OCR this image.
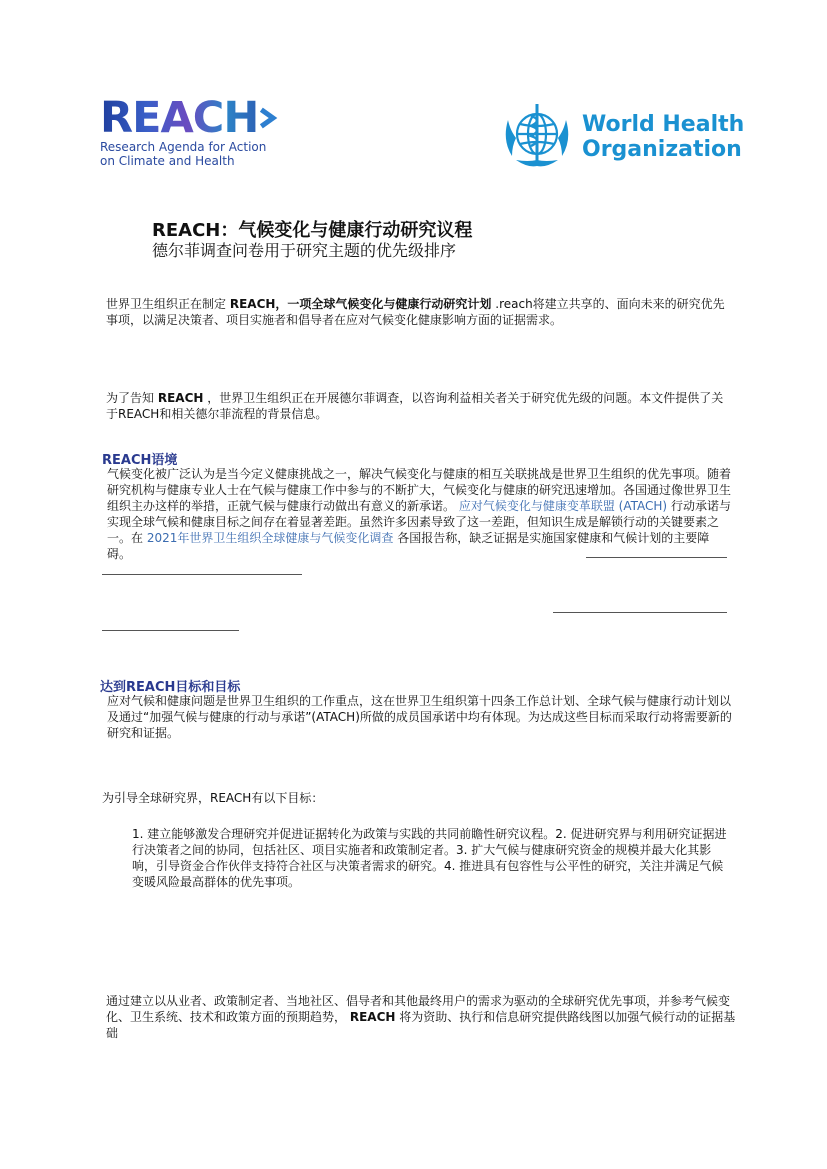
REACH
Research Agenda for Action
on Climate and Health
World Health
Organization
REACH：气候变化与健康行动研究议程
德尔菲调查问卷用于研究主题的优先级排序
世界卫生组织正在制定 REACH，一项全球气候变化与健康行动研究计划 .reach将建立共享的、面向未来的研究优先事项，以满足决策者、项目实施者和倡导者在应对气候变化健康影响方面的证据需求。
为了告知 REACH ，世界卫生组织正在开展德尔菲调查，以咨询利益相关者关于研究优先级的问题。本文件提供了关于REACH和相关德尔菲流程的背景信息。
REACH语境
气候变化被广泛认为是当今定义健康挑战之一，解决气候变化与健康的相互关联挑战是世界卫生组织的优先事项。随着研究机构与健康专业人士在气候与健康工作中参与的不断扩大，气候变化与健康的研究迅速增加。各国通过像世界卫生组织主办这样的举措，正就气候与健康行动做出有意义的新承诺。 应对气候变化与健康变革联盟 (ATACH) 行动承诺与实现全球气候和健康目标之间存在着显著差距。虽然许多因素导致了这一差距，但知识生成是解锁行动的关键要素之一。在 2021年世界卫生组织全球健康与气候变化调查 各国报告称，缺乏证据是实施国家健康和气候计划的主要障碍。
达到REACH目标和目标
应对气候和健康问题是世界卫生组织的工作重点，这在世界卫生组织第十四条工作总计划、全球气候与健康行动计划以及通过“加强气候与健康的行动与承诺”(ATACH)所做的成员国承诺中均有体现。为达成这些目标而采取行动将需要新的研究和证据。
为引导全球研究界，REACH有以下目标：
1. 建立能够激发合理研究并促进证据转化为政策与实践的共同前瞻性研究议程。2. 促进研究界与利用研究证据进行决策者之间的协同，包括社区、项目实施者和政策制定者。3. 扩大气候与健康研究资金的规模并最大化其影响，引导资金合作伙伴支持符合社区与决策者需求的研究。4. 推进具有包容性与公平性的研究，关注并满足气候变暖风险最高群体的优先事项。
通过建立以从业者、政策制定者、当地社区、倡导者和其他最终用户的需求为驱动的全球研究优先事项，并参考气候变化、卫生系统、技术和政策方面的预期趋势， REACH 将为资助、执行和信息研究提供路线图以加强气候行动的证据基础
